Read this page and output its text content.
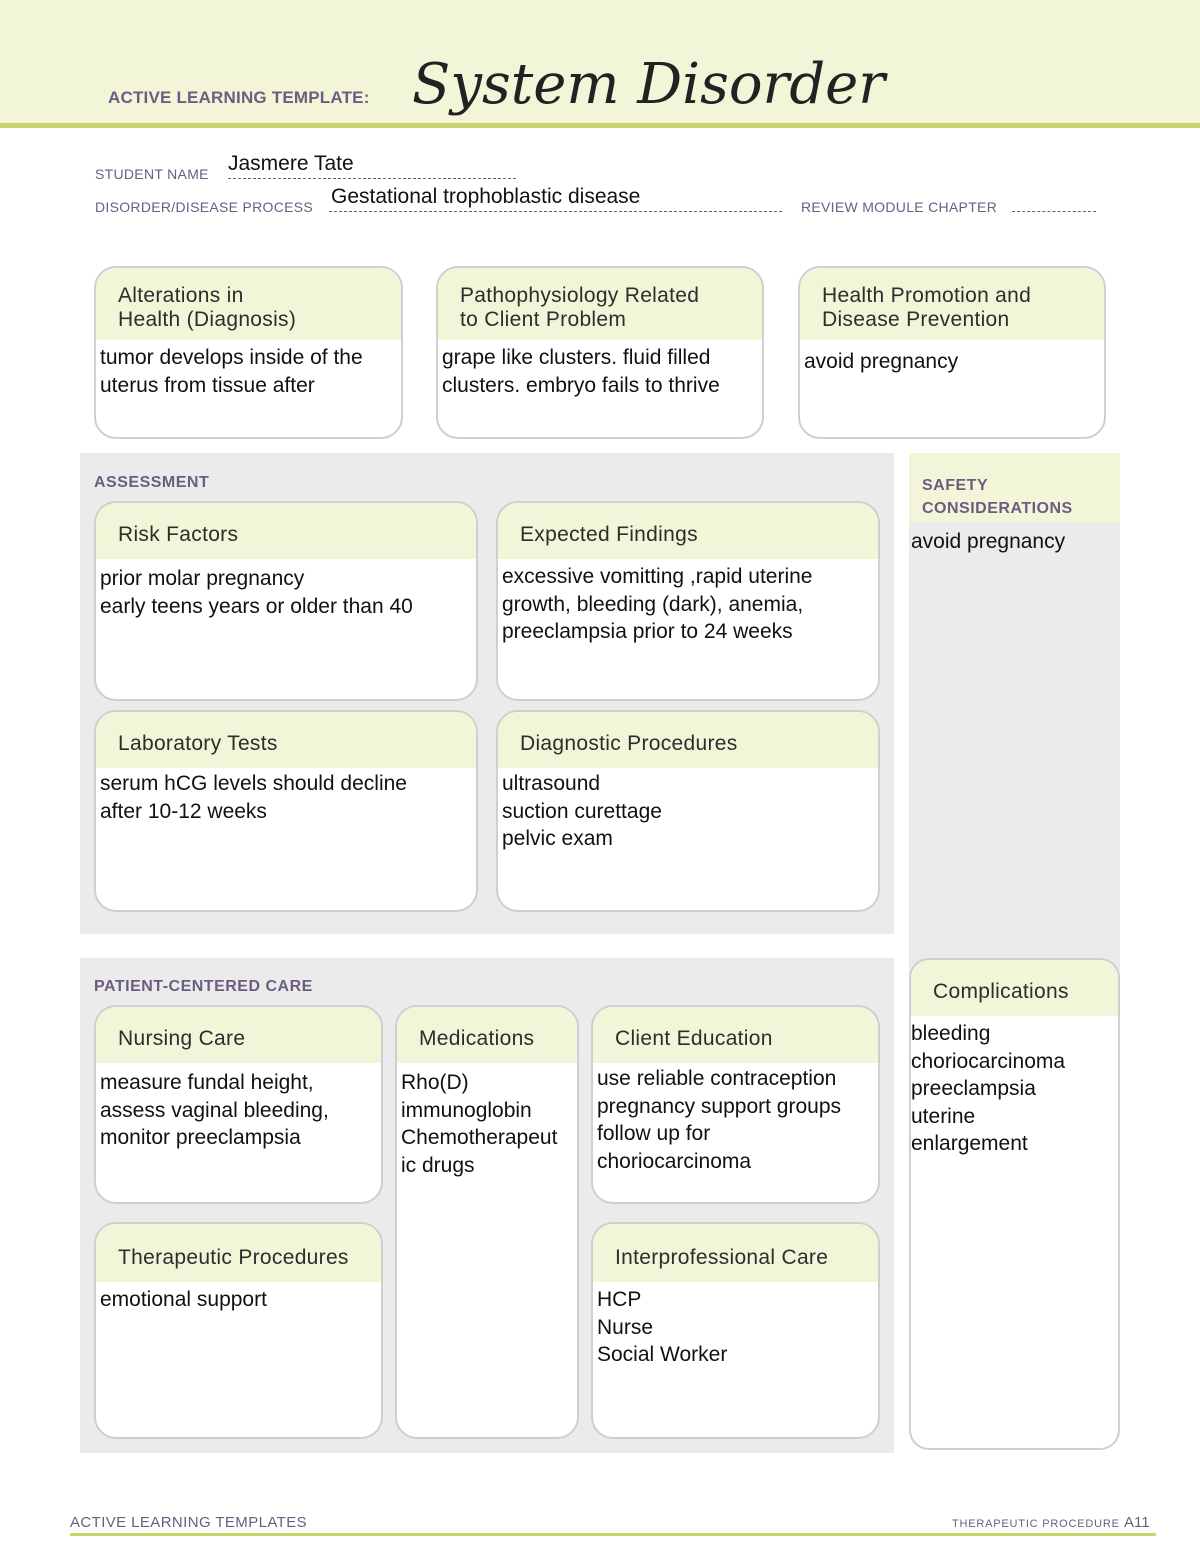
ACTIVE LEARNING TEMPLATE: System Disorder
STUDENT NAME Jasmere Tate
DISORDER/DISEASE PROCESS Gestational trophoblastic disease	REVIEW MODULE CHAPTER
Alterations in
Health (Diagnosis)
tumor develops inside of the
uterus from tissue after
Pathophysiology Related
to Client Problem
grape like clusters. fluid filled
clusters. embryo fails to thrive
Health Promotion and
Disease Prevention
avoid pregnancy
ASSESSMENT
Risk Factors
prior molar pregnancy
early teens years or older than 40
Expected Findings
excessive vomitting ,rapid uterine
growth, bleeding (dark), anemia,
preeclampsia prior to 24 weeks
Laboratory Tests
serum hCG levels should decline
after 10-12 weeks
Diagnostic Procedures
ultrasound
suction curettage
pelvic exam
SAFETY
CONSIDERATIONS
avoid pregnancy
PATIENT-CENTERED CARE
Nursing Care
measure fundal height,
assess vaginal bleeding,
monitor preeclampsia
Medications
Rho(D)
immunoglobin
Chemotherapeut
ic drugs
Client Education
use reliable contraception
pregnancy support groups
follow up for
choriocarcinoma
Therapeutic Procedures
emotional support
Interprofessional Care
HCP
Nurse
Social Worker
Complications
bleeding
choriocarcinoma
preeclampsia
uterine
enlargement
ACTIVE LEARNING TEMPLATES	THERAPEUTIC PROCEDURE A11
